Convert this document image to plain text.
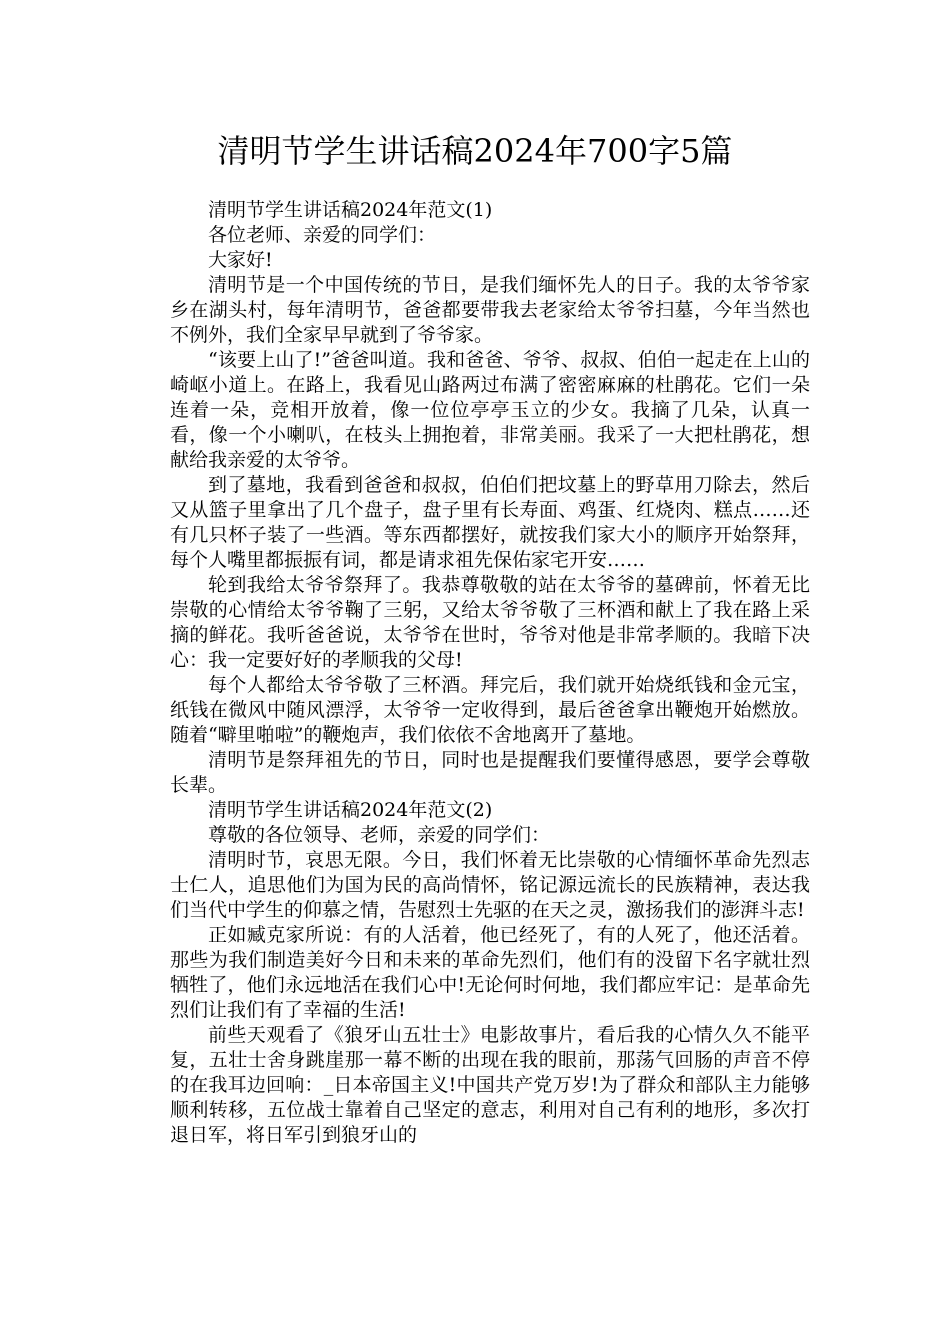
清明节学生讲话稿2024年700字5篇

清明节学生讲话稿2024年范文(1)

各位老师、亲爱的同学们：

大家好!

清明节是一个中国传统的节日，是我们缅怀先人的日子。我的太爷爷家乡在湖头村，每年清明节，爸爸都要带我去老家给太爷爷扫墓，今年当然也不例外，我们全家早早就到了爷爷家。

“该要上山了!”爸爸叫道。我和爸爸、爷爷、叔叔、伯伯一起走在上山的崎岖小道上。在路上，我看见山路两过布满了密密麻麻的杜鹃花。它们一朵连着一朵，竞相开放着，像一位位亭亭玉立的少女。我摘了几朵，认真一看，像一个小喇叭，在枝头上拥抱着，非常美丽。我采了一大把杜鹃花，想献给我亲爱的太爷爷。

到了墓地，我看到爸爸和叔叔，伯伯们把坟墓上的野草用刀除去，然后又从篮子里拿出了几个盘子，盘子里有长寿面、鸡蛋、红烧肉、糕点……还有几只杯子装了一些酒。等东西都摆好，就按我们家大小的顺序开始祭拜，每个人嘴里都振振有词，都是请求祖先保佑家宅开安……

轮到我给太爷爷祭拜了。我恭尊敬敬的站在太爷爷的墓碑前，怀着无比崇敬的心情给太爷爷鞠了三躬，又给太爷爷敬了三杯酒和献上了我在路上采摘的鲜花。我听爸爸说，太爷爷在世时，爷爷对他是非常孝顺的。我暗下决心：我一定要好好的孝顺我的父母!

每个人都给太爷爷敬了三杯酒。拜完后，我们就开始烧纸钱和金元宝，纸钱在微风中随风漂浮，太爷爷一定收得到，最后爸爸拿出鞭炮开始燃放。随着“噼里啪啦”的鞭炮声，我们依依不舍地离开了墓地。

清明节是祭拜祖先的节日，同时也是提醒我们要懂得感恩，要学会尊敬长辈。

清明节学生讲话稿2024年范文(2)

尊敬的各位领导、老师，亲爱的同学们：

清明时节，哀思无限。今日，我们怀着无比崇敬的心情缅怀革命先烈志士仁人，追思他们为国为民的高尚情怀，铭记源远流长的民族精神，表达我们当代中学生的仰慕之情，告慰烈士先驱的在天之灵，激扬我们的澎湃斗志!

正如臧克家所说：有的人活着，他已经死了，有的人死了，他还活着。那些为我们制造美好今日和未来的革命先烈们，他们有的没留下名字就壮烈牺牲了，他们永远地活在我们心中!无论何时何地，我们都应牢记：是革命先烈们让我们有了幸福的生活!

前些天观看了《狼牙山五壮士》电影故事片，看后我的心情久久不能平复，五壮士舍身跳崖那一幕不断的出现在我的眼前，那荡气回肠的声音不停的在我耳边回响：_日本帝国主义!中国共产党万岁!为了群众和部队主力能够顺利转移，五位战士靠着自己坚定的意志，利用对自己有利的地形，多次打退日军，将日军引到狼牙山的
